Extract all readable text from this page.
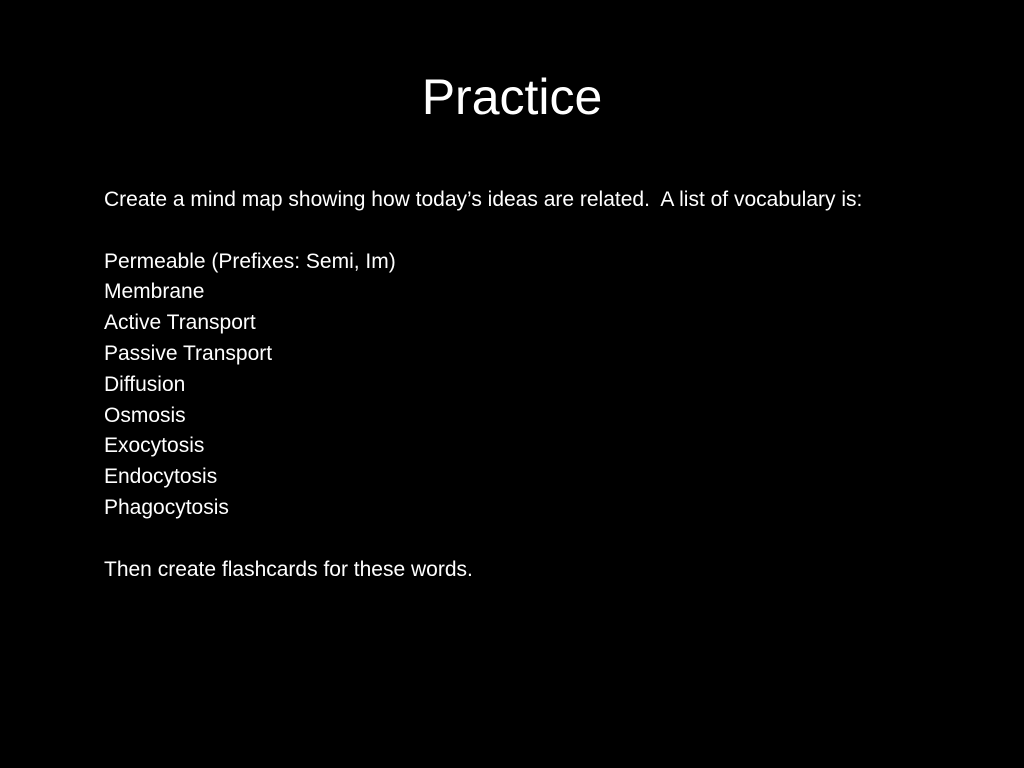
Practice
Create a mind map showing how today’s ideas are related.  A list of vocabulary is:
Permeable (Prefixes: Semi, Im)
Membrane
Active Transport
Passive Transport
Diffusion
Osmosis
Exocytosis
Endocytosis
Phagocytosis
Then create flashcards for these words.
